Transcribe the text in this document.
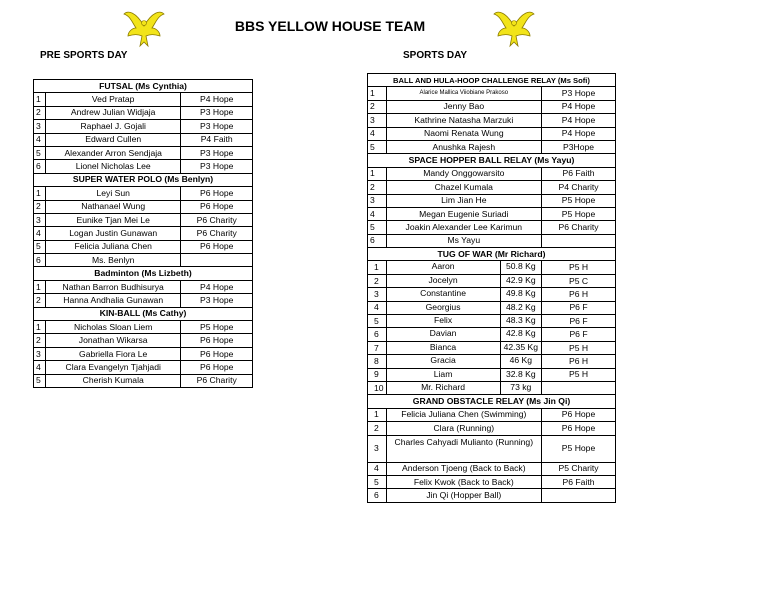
BBS YELLOW HOUSE TEAM
PRE SPORTS DAY	SPORTS DAY
FUTSAL (Ms Cynthia)		
1	Ved Pratap	P4 Hope
2	Andrew Julian Widjaja	P3 Hope
3	Raphael J. Gojali	P3 Hope
4	Edward Cullen	P4 Faith
5	Alexander Arron Sendjaja	P3 Hope
6	Lionel Nicholas Lee	P3 Hope
SUPER WATER POLO (Ms Benlyn)		
1	Leyi Sun	P6 Hope
2	Nathanael Wung	P6 Hope
3	Eunike Tjan Mei Le	P6 Charity
4	Logan Justin Gunawan	P6 Charity
5	Felicia Juliana Chen	P6 Hope
6	Ms. Benlyn	
Badminton (Ms Lizbeth)		
1	Nathan Barron Budhisurya	P4 Hope
2	Hanna Andhalia Gunawan	P3 Hope
KIN-BALL (Ms Cathy)		
1	Nicholas Sloan Liem	P5 Hope
2	Jonathan Wikarsa	P6 Hope
3	Gabriella Fiora Le	P6 Hope
4	Clara Evangelyn Tjahjadi	P6 Hope
5	Cherish Kumala	P6 Charity
BALL AND HULA-HOOP CHALLENGE RELAY (Ms Sofi)		
1	Alarice Mallica Viiobiane Prakoso	P3 Hope
2	Jenny Bao	P4 Hope
3	Kathrine Natasha Marzuki	P4 Hope
4	Naomi Renata Wung	P4 Hope
5	Anushka Rajesh	P3Hope
SPACE HOPPER BALL RELAY (Ms Yayu)		
1	Mandy Onggowarsito	P6 Faith
2	Chazel Kumala	P4 Charity
3	Lim Jian He	P5 Hope
4	Megan Eugenie Suriadi	P5 Hope
5	Joakin Alexander Lee Karimun	P6 Charity
6	Ms Yayu	
TUG OF WAR (Mr Richard)		
1	Aaron 50.8 Kg	P5 H
2	Jocelyn 42.9 Kg	P5 C
3	Constantine 49.8 Kg	P6 H
4	Georgius 48.2 Kg	P6 F
5	Felix 48.3 Kg	P6 F
6	Davian 42.8 Kg	P6 F
7	Bianca 42.35 Kg	P5 H
8	Gracia 46 Kg	P6 H
9	Liam 32.8 Kg	P5 H
10	Mr. Richard 73 kg	

GRAND OBSTACLE RELAY (Ms Jin Qi)		
1	Felicia Juliana Chen (Swimming)	P6 Hope
2	Clara (Running)	P6 Hope
3	Charles Cahyadi Mulianto (Running)	P5 Hope
4	Anderson Tjoeng (Back to Back)	P5 Charity
5	Felix Kwok (Back to Back)	P6 Faith
6	Jin Qi (Hopper Ball)	
